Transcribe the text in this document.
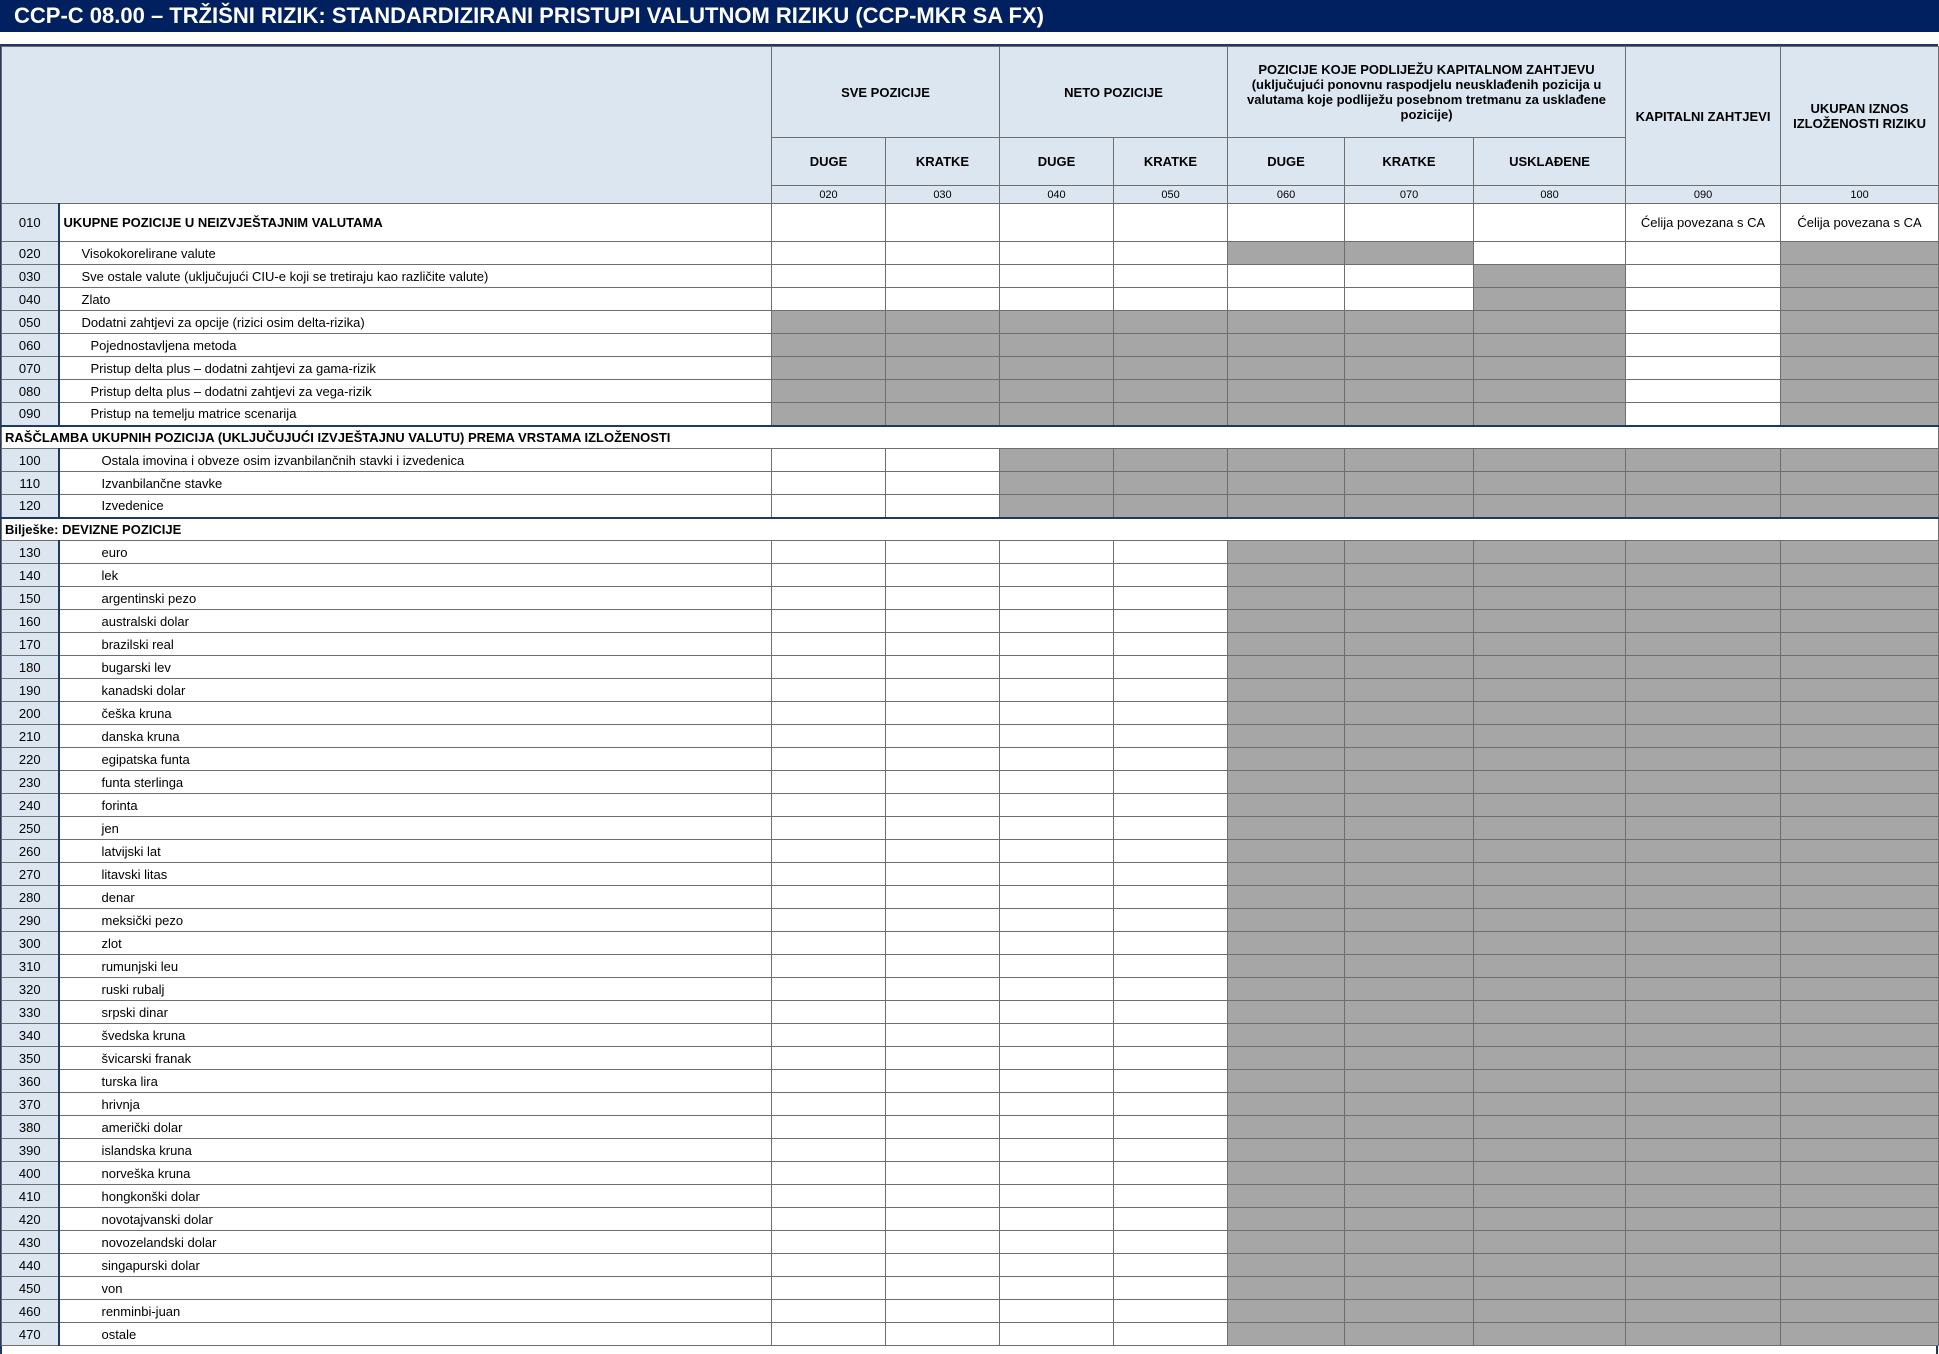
CCP-C 08.00 – TRŽIŠNI RIZIK: STANDARDIZIRANI PRISTUPI VALUTNOM RIZIKU (CCP-MKR SA FX)
		SVE POZICIJE		NETO POZICIJE		POZICIJE KOJE PODLIJEŽU KAPITALNOM ZAHTJEVU
(uključujući ponovnu raspodjelu neusklađenih pozicija u valutama koje podliježu posebnom tretmanu za usklađene pozicije)			KAPITALNI ZAHTJEVI	UKUPAN IZNOS IZLOŽENOSTI RIZIKU
		DUGE	KRATKE	DUGE	KRATKE	DUGE	KRATKE	USKLAĐENE		
		020	030	040	050	060	070	080	090	100
010	UKUPNE POZICIJE U NEIZVJEŠTAJNIM VALUTAMA								Ćelija povezana s CA	Ćelija povezana s CA
020	Visokokorelirane valute									
030	Sve ostale valute (uključujući CIU-e koji se tretiraju kao različite valute)									
040	Zlato									
050	Dodatni zahtjevi za opcije (rizici osim delta-rizika)									
060	Pojednostavljena metoda									
070	Pristup delta plus – dodatni zahtjevi za gama-rizik									
080	Pristup delta plus – dodatni zahtjevi za vega-rizik									
090	Pristup na temelju matrice scenarija									
RAŠČLAMBA UKUPNIH POZICIJA (UKLJUČUJUĆI IZVJEŠTAJNU VALUTU) PREMA VRSTAMA IZLOŽENOSTI										
100	Ostala imovina i obveze osim izvanbilančnih stavki i izvedenica									
110	Izvanbilančne stavke									
120	Izvedenice									
Bilješke: DEVIZNE POZICIJE										
130	euro									
140	lek									
150	argentinski pezo									
160	australski dolar									
170	brazilski real									
180	bugarski lev									
190	kanadski dolar									
200	češka kruna									
210	danska kruna									
220	egipatska funta									
230	funta sterlinga									
240	forinta									
250	jen									
260	latvijski lat									
270	litavski litas									
280	denar									
290	meksički pezo									
300	zlot									
310	rumunjski leu									
320	ruski rubalj									
330	srpski dinar									
340	švedska kruna									
350	švicarski franak									
360	turska lira									
370	hrivnja									
380	američki dolar									
390	islandska kruna									
400	norveška kruna									
410	hongkonški dolar									
420	novotajvanski dolar									
430	novozelandski dolar									
440	singapurski dolar									
450	von									
460	renminbi-juan									
470	ostale									
